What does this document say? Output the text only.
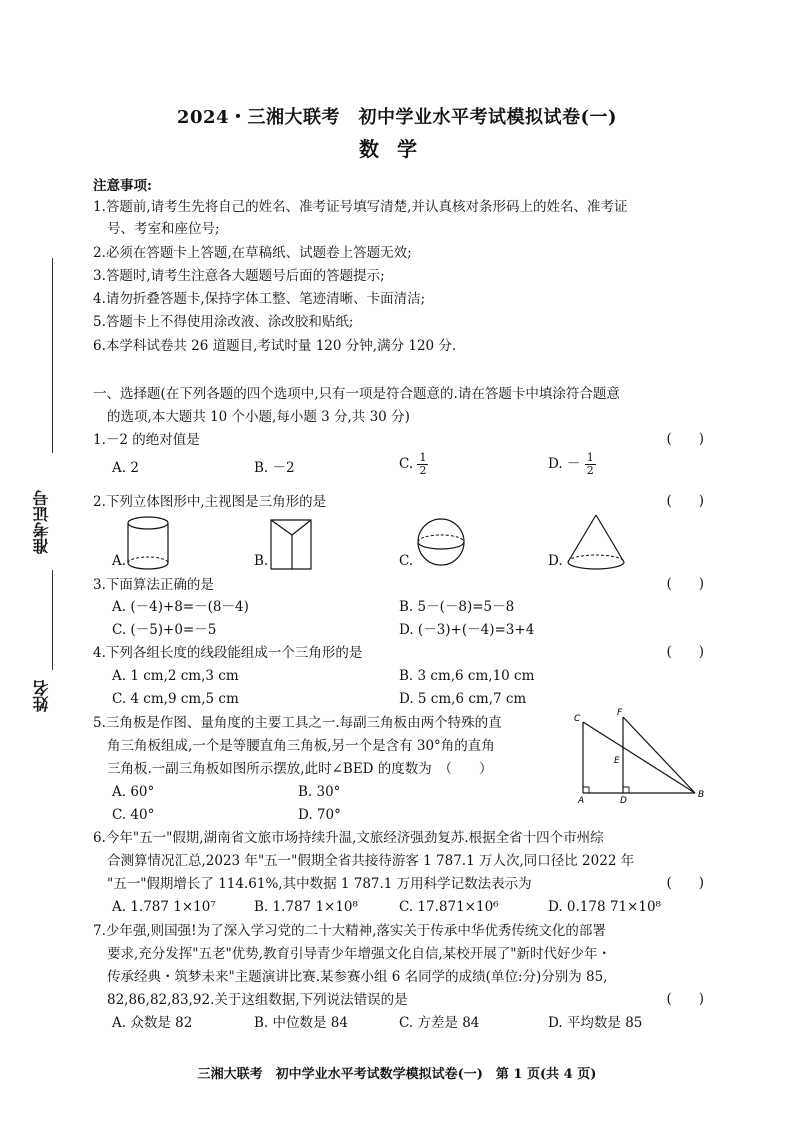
2024・三湘大联考　初中学业水平考试模拟试卷(一)
数学
注意事项:
1.答题前,请考生先将自己的姓名、准考证号填写清楚,并认真核对条形码上的姓名、准考证
号、考室和座位号;
2.必须在答题卡上答题,在草稿纸、试题卷上答题无效;
3.答题时,请考生注意各大题题号后面的答题提示;
4.请勿折叠答题卡,保持字体工整、笔迹清晰、卡面清洁;
5.答题卡上不得使用涂改液、涂改胶和贴纸;
6.本学科试卷共 26 道题目,考试时量 120 分钟,满分 120 分.
准考证号
姓名
一、选择题(在下列各题的四个选项中,只有一项是符合题意的.请在答题卡中填涂符合题意
的选项,本大题共 10 个小题,每小题 3 分,共 30 分)
1.－2 的绝对值是	(　　)
A. 2	B. －2	C. $\frac{1}{2}$	D. － $\frac{1}{2}$
2.下列立体图形中,主视图是三角形的是	(　　)
A.	B.	C.	D.
3.下面算法正确的是	(　　)
A. (－4)+8=－(8－4)	B. 5－(－8)=5－8
C. (－5)+0=－5	D. (－3)+(－4)=3+4
4.下列各组长度的线段能组成一个三角形的是	(　　)
A. 1 cm,2 cm,3 cm	B. 3 cm,6 cm,10 cm
C. 4 cm,9 cm,5 cm	D. 5 cm,6 cm,7 cm
5.三角板是作图、量角度的主要工具之一.每副三角板由两个特殊的直
角三角板组成,一个是等腰直角三角板,另一个是含有 30°角的直角
三角板.一副三角板如图所示摆放,此时∠BED 的度数为　（　　）
A. 60°	B. 30°
C. 40°	D. 70°
C
F
E
A	D
B
6.今年"五一"假期,湖南省文旅市场持续升温,文旅经济强劲复苏.根据全省十四个市州综
合测算情况汇总,2023 年"五一"假期全省共接待游客 1 787.1 万人次,同口径比 2022 年
"五一"假期增长了 114.61%,其中数据 1 787.1 万用科学记数法表示为	(　　)
A. 1.787 1×10⁷	B. 1.787 1×10⁸	C. 17.871×10⁶	D. 0.178 71×10⁸
7.少年强,则国强!为了深入学习党的二十大精神,落实关于传承中华优秀传统文化的部署
要求,充分发挥"五老"优势,教育引导青少年增强文化自信,某校开展了"新时代好少年・
传承经典・筑梦未来"主题演讲比赛.某参赛小组 6 名同学的成绩(单位:分)分别为 85,
82,86,82,83,92.关于这组数据,下列说法错误的是	(　　)
A. 众数是 82	B. 中位数是 84	C. 方差是 84	D. 平均数是 85
三湘大联考　初中学业水平考试数学模拟试卷(一)　第 1 页(共 4 页)
